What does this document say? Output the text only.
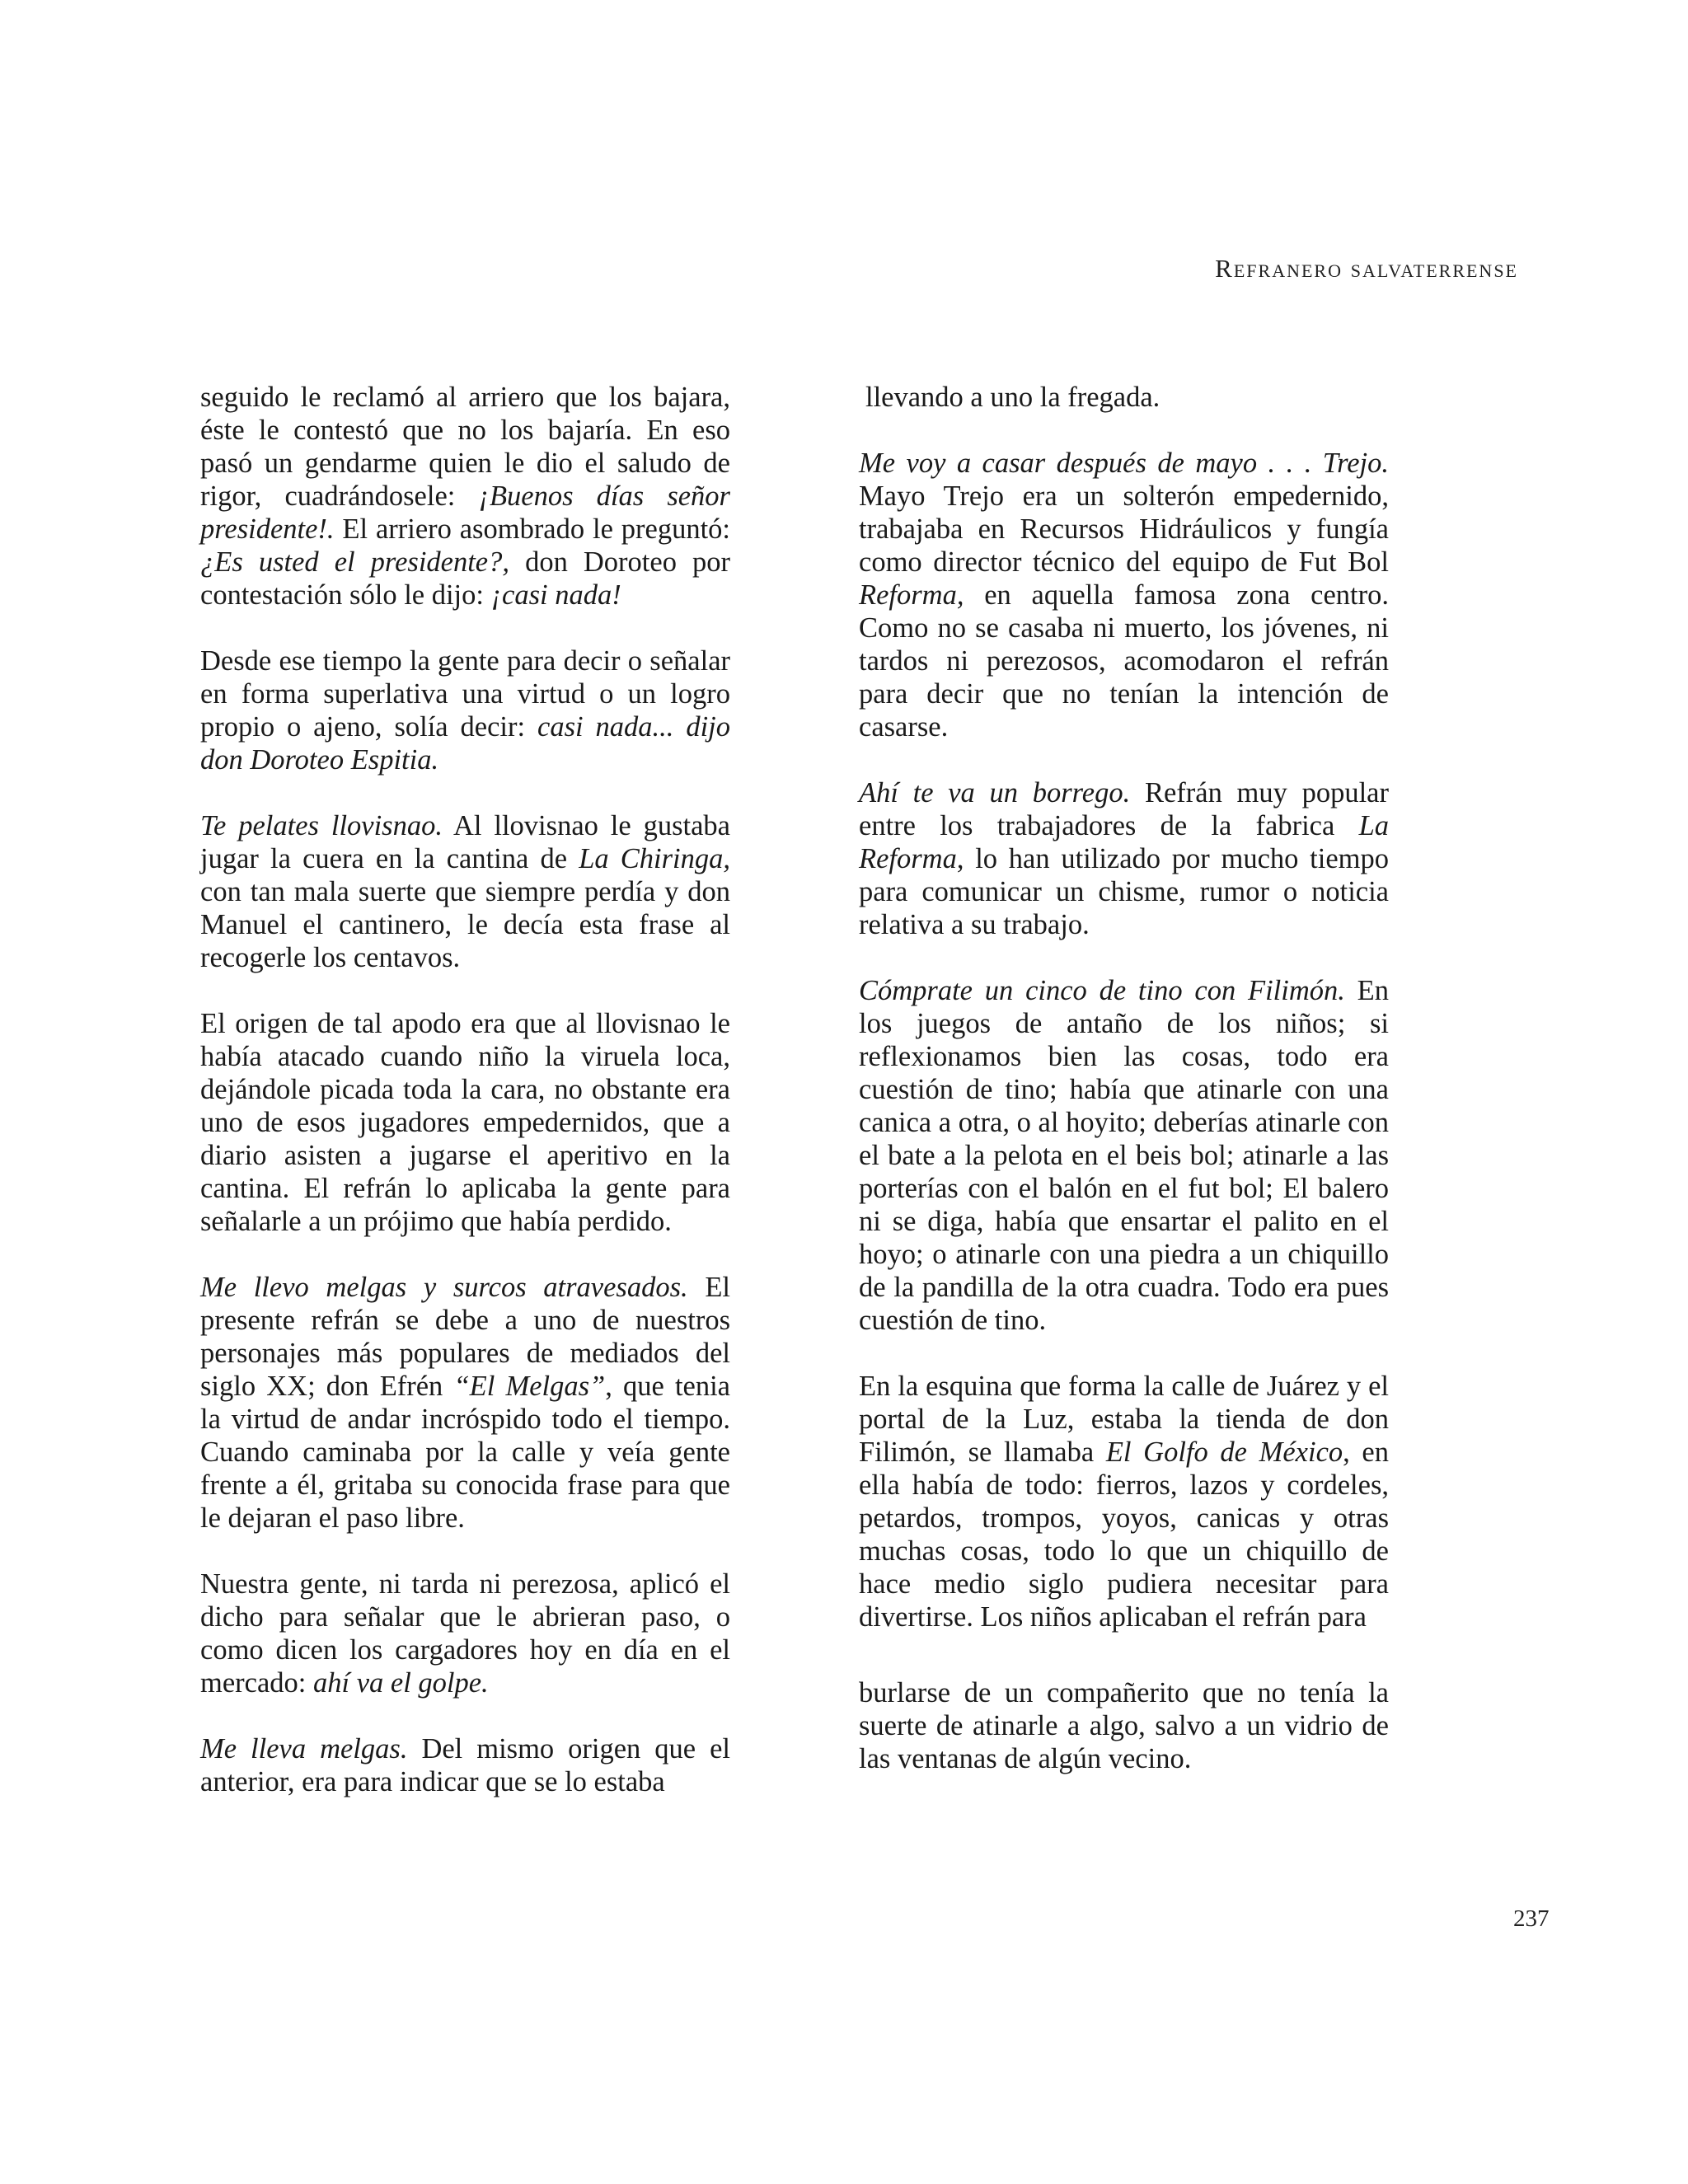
Refranero salvaterrense

seguido le reclamó al arriero que los bajara, éste le contestó que no los bajaría. En eso pasó un gendarme quien le dio el saludo de rigor, cuadrándosele: ¡Buenos días señor presidente!. El arriero asombrado le preguntó: ¿Es usted el presidente?, don Doroteo por contestación sólo le dijo: ¡casi nada!

Desde ese tiempo la gente para decir o señalar en forma superlativa una virtud o un logro propio o ajeno, solía decir: casi nada... dijo don Doroteo Espitia.

Te pelates llovisnao. Al llovisnao le gustaba jugar la cuera en la cantina de La Chiringa, con tan mala suerte que siempre perdía y don Manuel el cantinero, le decía esta frase al recogerle los centavos.

El origen de tal apodo era que al llovisnao le había atacado cuando niño la viruela loca, dejándole picada toda la cara, no obstante era uno de esos jugadores empedernidos, que a diario asisten a jugarse el aperitivo en la cantina. El refrán lo aplicaba la gente para señalarle a un prójimo que había perdido.

Me llevo melgas y surcos atravesados. El presente refrán se debe a uno de nuestros personajes más populares de mediados del siglo XX; don Efrén “El Melgas”, que tenia la virtud de andar incróspido todo el tiempo. Cuando caminaba por la calle y veía gente frente a él, gritaba su conocida frase para que le dejaran el paso libre.

Nuestra gente, ni tarda ni perezosa, aplicó el dicho para señalar que le abrieran paso, o como dicen los cargadores hoy en día en el mercado: ahí va el golpe.

Me lleva melgas. Del mismo origen que el anterior, era para indicar que se lo estaba

llevando a uno la fregada.

Me voy a casar después de mayo . . . Trejo. Mayo Trejo era un solterón empedernido, trabajaba en Recursos Hidráulicos y fungía como director técnico del equipo de Fut Bol Reforma, en aquella famosa zona centro. Como no se casaba ni muerto, los jóvenes, ni tardos ni perezosos, acomodaron el refrán para decir que no tenían la intención de casarse.

Ahí te va un borrego. Refrán muy popular entre los trabajadores de la fabrica La Reforma, lo han utilizado por mucho tiempo para comunicar un chisme, rumor o noticia relativa a su trabajo.

Cómprate un cinco de tino con Filimón. En los juegos de antaño de los niños; si reflexionamos bien las cosas, todo era cuestión de tino; había que atinarle con una canica a otra, o al hoyito; deberías atinarle con el bate a la pelota en el beis bol; atinarle a las porterías con el balón en el fut bol; El balero ni se diga, había que ensartar el palito en el hoyo; o atinarle con una piedra a un chiquillo de la pandilla de la otra cuadra. Todo era pues cuestión de tino.

En la esquina que forma la calle de Juárez y el portal de la Luz, estaba la tienda de don Filimón, se llamaba El Golfo de México, en ella había de todo: fierros, lazos y cordeles, petardos, trompos, yoyos, canicas y otras muchas cosas, todo lo que un chiquillo de hace medio siglo pudiera necesitar para divertirse. Los niños aplicaban el refrán para

burlarse de un compañerito que no tenía la suerte de atinarle a algo, salvo a un vidrio de las ventanas de algún vecino.

237
